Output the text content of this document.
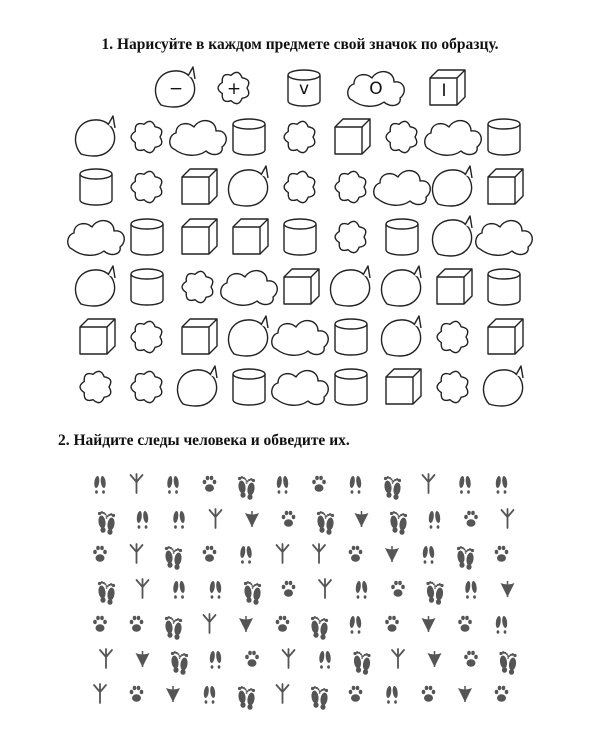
1. Нарисуйте в каждом предмете свой значок по образцу.
−	+	v	O	I
2. Найдите следы человека и обведите их.
